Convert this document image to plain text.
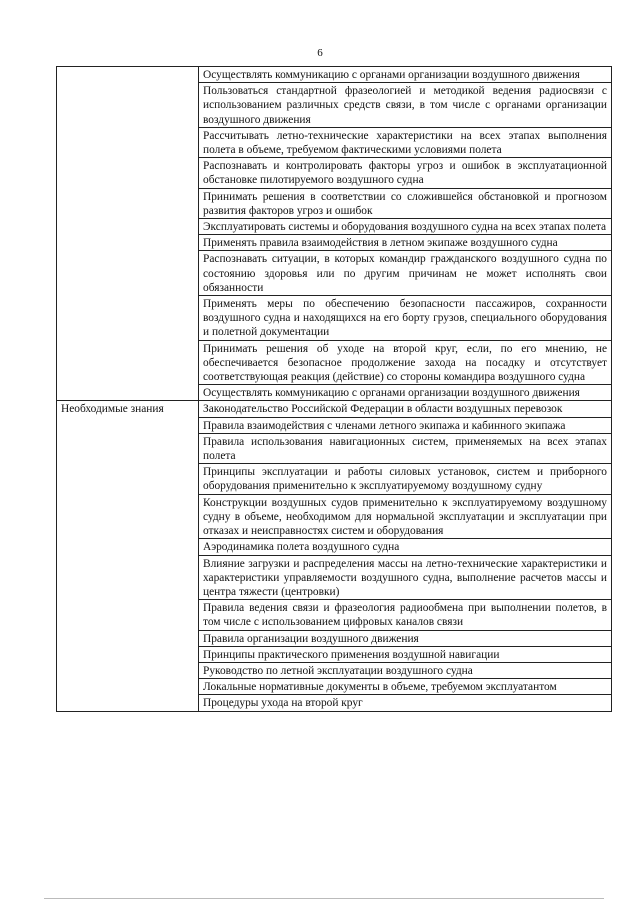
6
	Осуществлять коммуникацию с органами организации воздушного движения
	Пользоваться стандартной фразеологией и методикой ведения радиосвязи с использованием различных средств связи, в том числе с органами организации воздушного движения
	Рассчитывать летно-технические характеристики на всех этапах выполнения полета в объеме, требуемом фактическими условиями полета
	Распознавать и контролировать факторы угроз и ошибок в эксплуатационной обстановке пилотируемого воздушного судна
	Принимать решения в соответствии со сложившейся обстановкой и прогнозом развития факторов угроз и ошибок
	Эксплуатировать системы и оборудования воздушного судна на всех этапах полета
	Применять правила взаимодействия в летном экипаже воздушного судна
	Распознавать ситуации, в которых командир гражданского воздушного судна по состоянию здоровья или по другим причинам не может исполнять свои обязанности
	Применять меры по обеспечению безопасности пассажиров, сохранности воздушного судна и находящихся на его борту грузов, специального оборудования и полетной документации
	Принимать решения об уходе на второй круг, если, по его мнению, не обеспечивается безопасное продолжение захода на посадку и отсутствует соответствующая реакция (действие) со стороны командира воздушного судна
	Осуществлять коммуникацию с органами организации воздушного движения
Необходимые знания	Законодательство Российской Федерации в области воздушных перевозок
	Правила взаимодействия с членами летного экипажа и кабинного экипажа
	Правила использования навигационных систем, применяемых на всех этапах полета
	Принципы эксплуатации и работы силовых установок, систем и приборного оборудования применительно к эксплуатируемому воздушному судну
	Конструкции воздушных судов применительно к эксплуатируемому воздушному судну в объеме, необходимом для нормальной эксплуатации и эксплуатации при отказах и неисправностях систем и оборудования
	Аэродинамика полета воздушного судна
	Влияние загрузки и распределения массы на летно-технические характеристики и характеристики управляемости воздушного судна, выполнение расчетов массы и центра тяжести (центровки)
	Правила ведения связи и фразеология радиообмена при выполнении полетов, в том числе с использованием цифровых каналов связи
	Правила организации воздушного движения
	Принципы практического применения воздушной навигации
	Руководство по летной эксплуатации воздушного судна
	Локальные нормативные документы в объеме, требуемом эксплуатантом
	Процедуры ухода на второй круг
